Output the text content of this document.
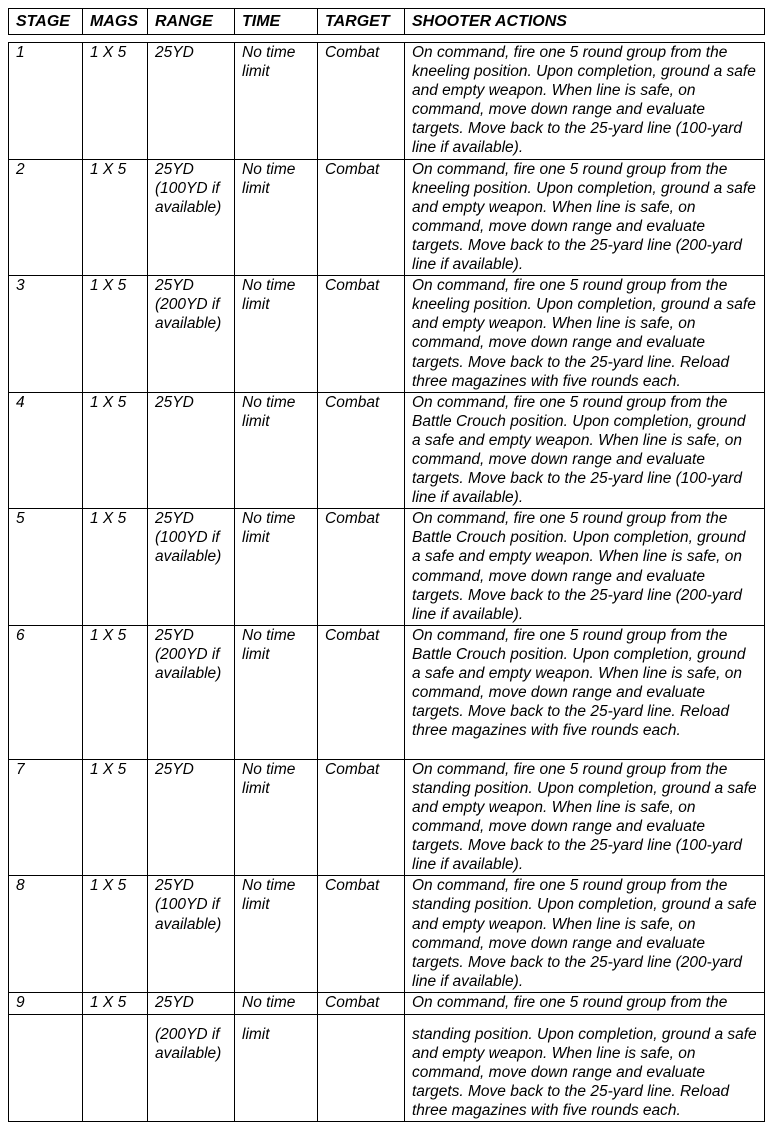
STAGE	MAGS	RANGE	TIME	TARGET	SHOOTER ACTIONS

1	1 X 5	25YD	No time limit	Combat	On command, fire one 5 round group from the kneeling position. Upon completion, ground a safe and empty weapon. When line is safe, on command, move down range and evaluate targets. Move back to the 25-yard line (100-yard line if available).
2	1 X 5	25YD (100YD if available)	No time limit	Combat	On command, fire one 5 round group from the kneeling position. Upon completion, ground a safe and empty weapon. When line is safe, on command, move down range and evaluate targets. Move back to the 25-yard line (200-yard line if available).
3	1 X 5	25YD (200YD if available)	No time limit	Combat	On command, fire one 5 round group from the kneeling position. Upon completion, ground a safe and empty weapon. When line is safe, on command, move down range and evaluate targets. Move back to the 25-yard line. Reload three magazines with five rounds each.
4	1 X 5	25YD	No time limit	Combat	On command, fire one 5 round group from the Battle Crouch position. Upon completion, ground a safe and empty weapon. When line is safe, on command, move down range and evaluate targets. Move back to the 25-yard line (100-yard line if available).
5	1 X 5	25YD (100YD if available)	No time limit	Combat	On command, fire one 5 round group from the Battle Crouch position. Upon completion, ground a safe and empty weapon. When line is safe, on command, move down range and evaluate targets. Move back to the 25-yard line (200-yard line if available).
6	1 X 5	25YD (200YD if available)	No time limit	Combat	On command, fire one 5 round group from the Battle Crouch position. Upon completion, ground a safe and empty weapon. When line is safe, on command, move down range and evaluate targets. Move back to the 25-yard line. Reload three magazines with five rounds each.
7	1 X 5	25YD	No time limit	Combat	On command, fire one 5 round group from the standing position. Upon completion, ground a safe and empty weapon. When line is safe, on command, move down range and evaluate targets. Move back to the 25-yard line (100-yard line if available).
8	1 X 5	25YD (100YD if available)	No time limit	Combat	On command, fire one 5 round group from the standing position. Upon completion, ground a safe and empty weapon. When line is safe, on command, move down range and evaluate targets. Move back to the 25-yard line (200-yard line if available).
9	1 X 5	25YD	No time	Combat	On command, fire one 5 round group from the
		(200YD if available)	limit		standing position. Upon completion, ground a safe and empty weapon. When line is safe, on command, move down range and evaluate targets. Move back to the 25-yard line. Reload three magazines with five rounds each.
